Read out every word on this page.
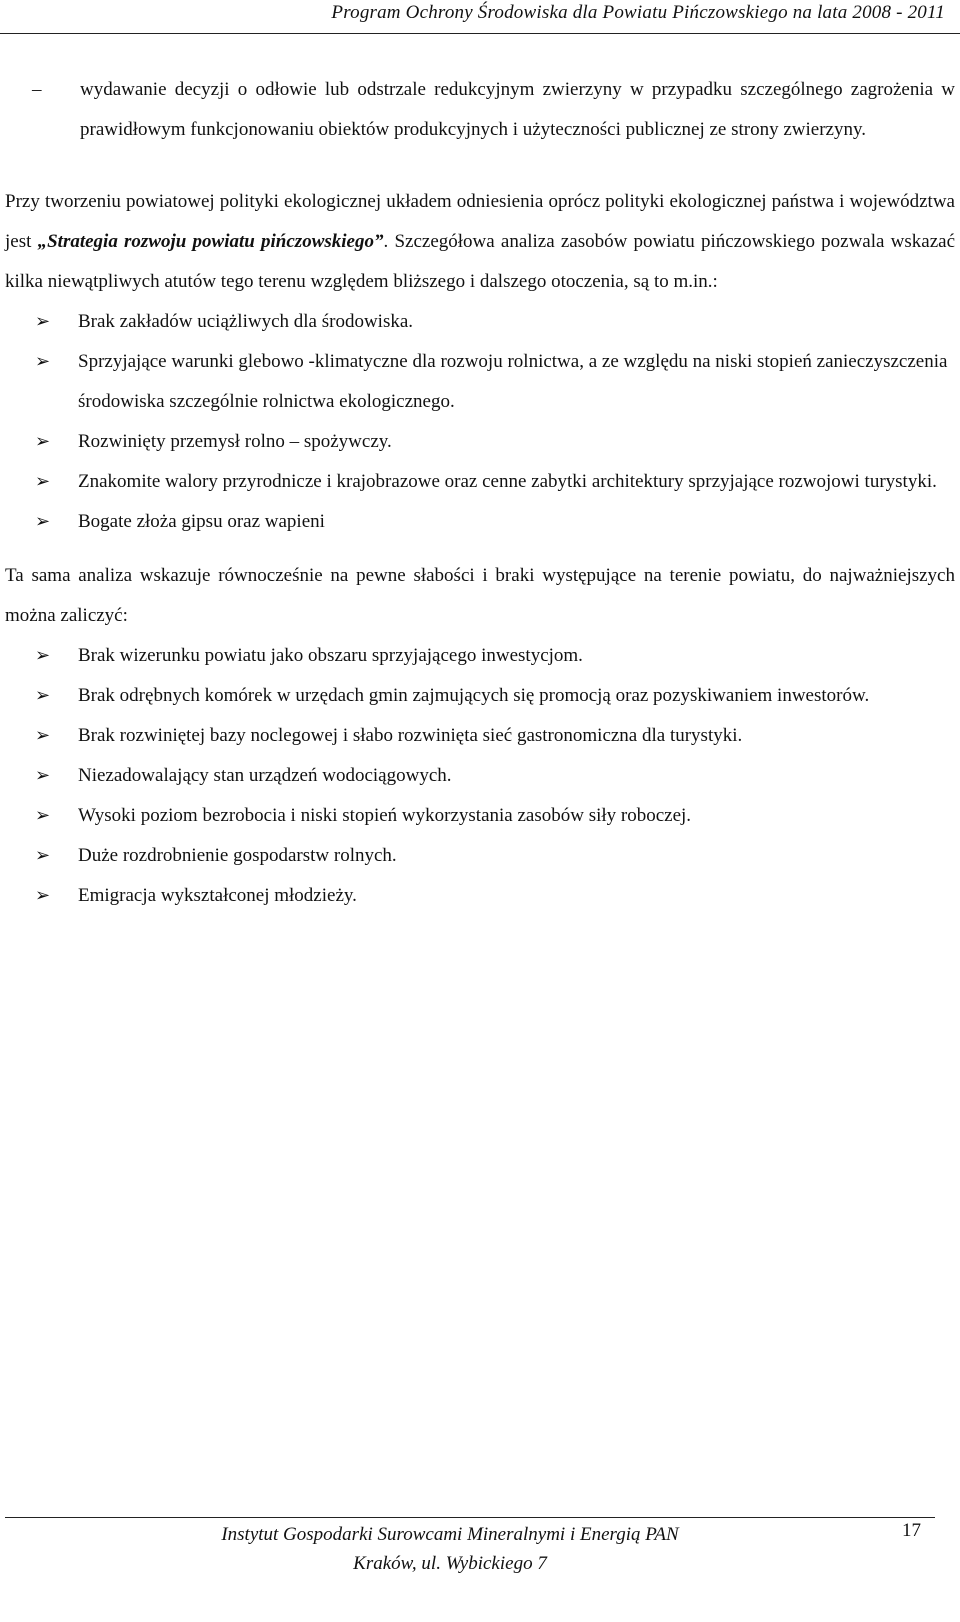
Program Ochrony Środowiska dla Powiatu Pińczowskiego na lata 2008 - 2011
– wydawanie decyzji o odłowie lub odstrzale redukcyjnym zwierzyny w przypadku szczególnego zagrożenia w prawidłowym funkcjonowaniu obiektów produkcyjnych i użyteczności publicznej ze strony zwierzyny.

Przy tworzeniu powiatowej polityki ekologicznej układem odniesienia oprócz polityki ekologicznej państwa i województwa jest „Strategia rozwoju powiatu pińczowskiego”. Szczegółowa analiza zasobów powiatu pińczowskiego pozwala wskazać kilka niewątpliwych atutów tego terenu względem bliższego i dalszego otoczenia, są to m.in.:

➢ Brak zakładów uciążliwych dla środowiska.
➢ Sprzyjające warunki glebowo -klimatyczne dla rozwoju rolnictwa, a ze względu na niski stopień zanieczyszczenia środowiska szczególnie rolnictwa ekologicznego.
➢ Rozwinięty przemysł rolno – spożywczy.
➢ Znakomite walory przyrodnicze i krajobrazowe oraz cenne zabytki architektury sprzyjające rozwojowi turystyki.
➢ Bogate złoża gipsu oraz wapieni

Ta sama analiza wskazuje równocześnie na pewne słabości i braki występujące na terenie powiatu, do najważniejszych można zaliczyć:

➢ Brak wizerunku powiatu jako obszaru sprzyjającego inwestycjom.
➢ Brak odrębnych komórek w urzędach gmin zajmujących się promocją oraz pozyskiwaniem inwestorów.
➢ Brak rozwiniętej bazy noclegowej i słabo rozwinięta sieć gastronomiczna dla turystyki.
➢ Niezadowalający stan urządzeń wodociągowych.
➢ Wysoki poziom bezrobocia i niski stopień wykorzystania zasobów siły roboczej.
➢ Duże rozdrobnienie gospodarstw rolnych.
➢ Emigracja wykształconej młodzieży.
Instytut Gospodarki Surowcami Mineralnymi i Energią PAN
Kraków, ul. Wybickiego 7
17
